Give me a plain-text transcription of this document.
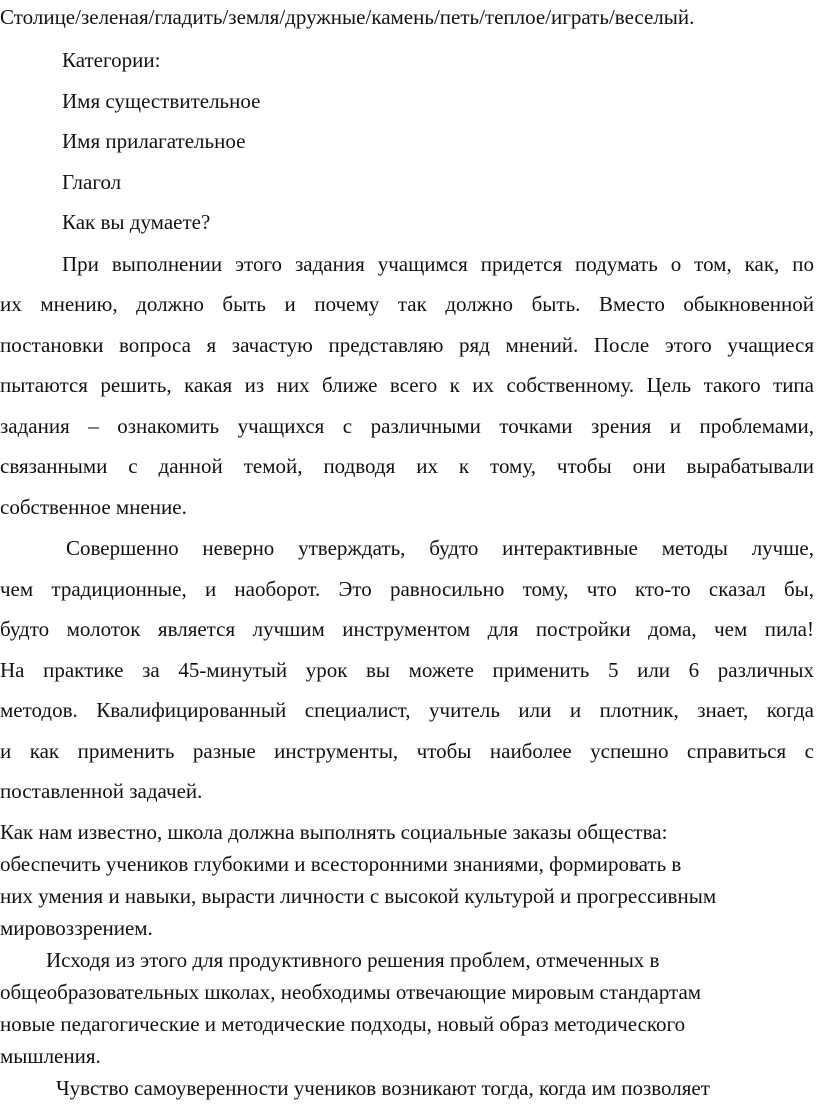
Столице/зеленая/гладить/земля/дружные/камень/петь/теплое/играть/веселый.
Категории:
Имя существительное
Имя прилагательное
Глагол
Как вы думаете?
При выполнении этого задания учащимся придется подумать о том, как, по
их мнению, должно быть и почему так должно быть. Вместо обыкновенной
постановки вопроса я зачастую представляю ряд мнений. После этого учащиеся
пытаются решить, какая из них ближе всего к их собственному. Цель такого типа
задания – ознакомить учащихся с различными точками зрения и проблемами,
связанными с данной темой, подводя их к тому, чтобы они вырабатывали
собственное мнение.
Совершенно неверно утверждать, будто интерактивные методы лучше,
чем традиционные, и наоборот. Это равносильно тому, что кто-то сказал бы,
будто молоток является лучшим инструментом для постройки дома, чем пила!
На практике за 45-минутый урок вы можете применить 5 или 6 различных
методов. Квалифицированный специалист, учитель или и плотник, знает, когда
и как применить разные инструменты, чтобы наиболее успешно справиться с
поставленной задачей.
Как нам известно, школа должна выполнять социальные заказы общества:
обеспечить учеников глубокими и всесторонними знаниями, формировать в
них умения и навыки, вырасти личности с высокой культурой и прогрессивным
мировоззрением.
Исходя из этого для продуктивного решения проблем, отмеченных в
общеобразовательных школах, необходимы отвечающие мировым стандартам
новые педагогические и методические подходы, новый образ методического
мышления.
Чувство самоуверенности учеников возникают тогда, когда им позволяет
